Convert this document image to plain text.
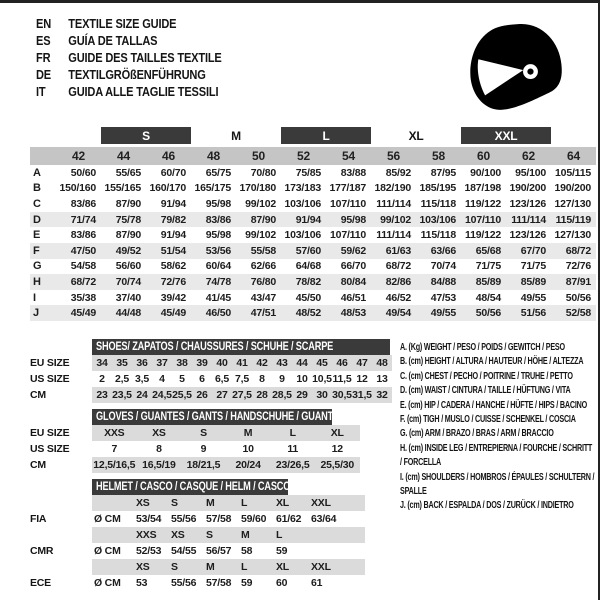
EN	TEXTILE SIZE GUIDE
ES	GUÍA DE TALLAS
FR	GUIDE DES TAILLES TEXTILE
DE	TEXTILGRÖßENFÜHRUNG
IT	GUIDA ALLE TAGLIE TESSILI
		S		M		L		XL		XXL		

	42	44	46	48	50	52	54	56	58	60	62	64
A	50/60	55/65	60/70	65/75	70/80	75/85	83/88	85/92	87/95	90/100	95/100	105/115
B	150/160	155/165	160/170	165/175	170/180	173/183	177/187	182/190	185/195	187/198	190/200	190/200
C	83/86	87/90	91/94	95/98	99/102	103/106	107/110	111/114	115/118	119/122	123/126	127/130
D	71/74	75/78	79/82	83/86	87/90	91/94	95/98	99/102	103/106	107/110	111/114	115/119
E	83/86	87/90	91/94	95/98	99/102	103/106	107/110	111/114	115/118	119/122	123/126	127/130
F	47/50	49/52	51/54	53/56	55/58	57/60	59/62	61/63	63/66	65/68	67/70	68/72
G	54/58	56/60	58/62	60/64	62/66	64/68	66/70	68/72	70/74	71/75	71/75	72/76
H	68/72	70/74	72/76	74/78	76/80	78/82	80/84	82/86	84/88	85/89	85/89	87/91
I	35/38	37/40	39/42	41/45	43/47	45/50	46/51	46/52	47/53	48/54	49/55	50/56
J	45/49	44/48	45/49	46/50	47/51	48/52	48/53	49/54	49/55	50/56	51/56	52/58

	SHOES/ ZAPATOS / CHAUSSURES / SCHUHE / SCARPE														

EU SIZE	34	35	36	37	38	39	40	41	42	43	44	45	46	47	48
US SIZE	2	2,5	3,5	4	5	6	6,5	7,5	8	9	10	10,5	11,5	12	13
CM	23	23,5	24	24,5	25,5	26	27	27,5	28	28,5	29	30	30,5	31,5	32

	GLOVES / GUANTES / GANTS / HANDSCHUHE / GUANTI					

EU SIZE	XXS	XS	S	M	L	XL
US SIZE	7	8	9	10	11	12
CM	12,5/16,5	16,5/19	18/21,5	20/24	23/26,5	25,5/30

	HELMET / CASCO / CASQUE / HELM / CASCO							

		XS	S	M	L	XL	XXL	
FIA	Ø CM	53/54	55/56	57/58	59/60	61/62	63/64	
		XXS	XS	S	M	L		
CMR	Ø CM	52/53	54/55	56/57	58	59		
		XS	S	M	L	XL	XXL	
ECE	Ø CM	53	55/56	57/58	59	60	61	
A. (Kg) WEIGHT / PESO / POIDS / GEWITCH / PESO
B. (cm) HEIGHT / ALTURA / HAUTEUR / HÖHE / ALTEZZA
C. (cm) CHEST / PECHO / POITRINE / TRUHE / PETTO
D. (cm) WAIST / CINTURA / TAILLE / HÜFTUNG / VITA
E. (cm) HIP / CADERA / HANCHE / HÜFTE / HIPS / BACINO
F. (cm) TIGH / MUSLO / CUISSE / SCHENKEL / COSCIA
G. (cm) ARM / BRAZO / BRAS / ARM / BRACCIO
H. (cm) INSIDE LEG / ENTREPIERNA / FOURCHE / SCHRITT / FORCELLA
I. (cm) SHOULDERS / HOMBROS / ÉPAULES / SCHULTERN / SPALLE
J. (cm) BACK / ESPALDA / DOS / ZURÜCK / INDIETRO
